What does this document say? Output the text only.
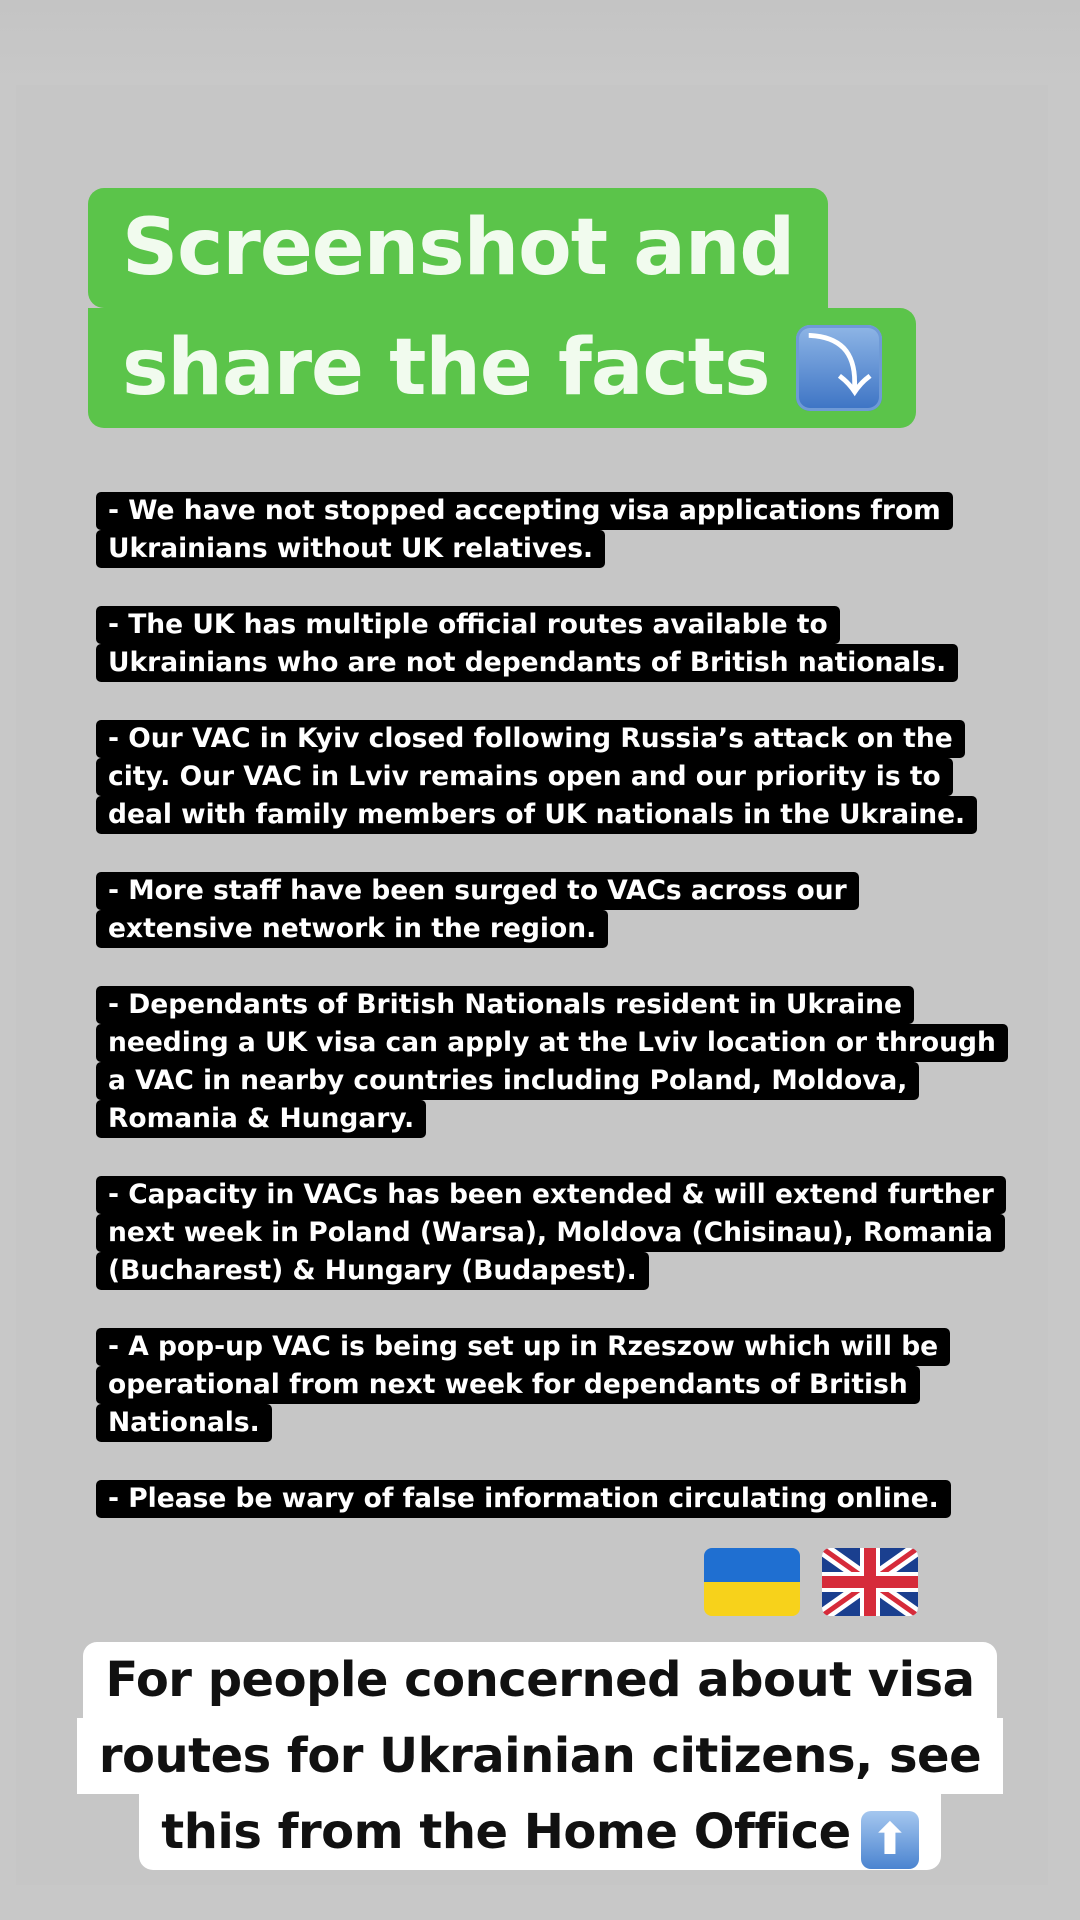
Screenshot and
share the facts ⤵
- We have not stopped accepting visa applications from
Ukrainians without UK relatives.
- The UK has multiple official routes available to
Ukrainians who are not dependants of British nationals.
- Our VAC in Kyiv closed following Russia’s attack on the
city. Our VAC in Lviv remains open and our priority is to
deal with family members of UK nationals in the Ukraine.
- More staff have been surged to VACs across our
extensive network in the region.
- Dependants of British Nationals resident in Ukraine
needing a UK visa can apply at the Lviv location or through
a VAC in nearby countries including Poland, Moldova,
Romania & Hungary.
- Capacity in VACs has been extended & will extend further
next week in Poland (Warsa), Moldova (Chisinau), Romania
(Bucharest) & Hungary (Budapest).
- A pop-up VAC is being set up in Rzeszow which will be
operational from next week for dependants of British
Nationals.
- Please be wary of false information circulating online.
For people concerned about visa
routes for Ukrainian citizens, see
this from the Home Office ⬆
